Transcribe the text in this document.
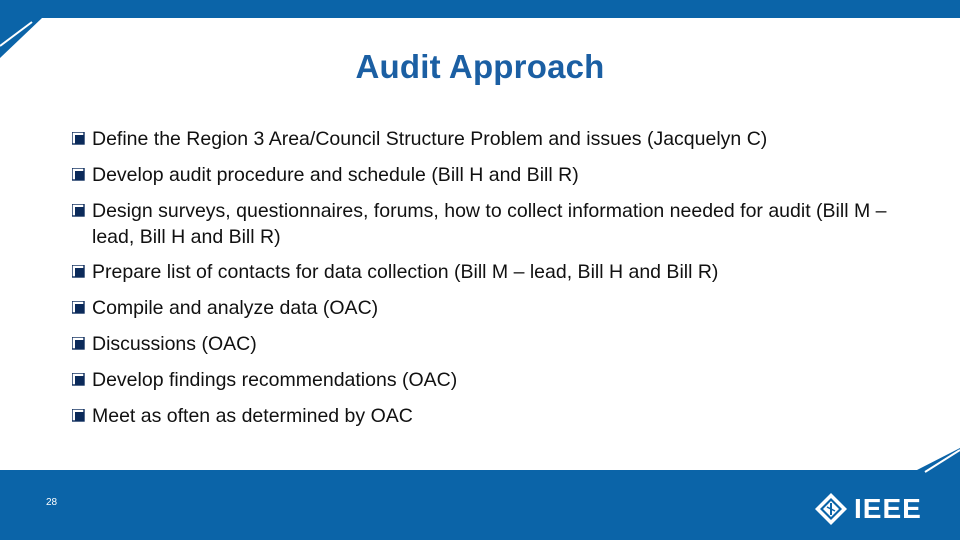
Audit Approach
Define the Region 3 Area/Council Structure Problem and issues (Jacquelyn C)
Develop audit procedure and schedule (Bill H and Bill R)
Design surveys, questionnaires, forums, how to collect information needed for audit (Bill M – lead, Bill H and Bill R)
Prepare list of contacts for data collection (Bill M – lead, Bill H and Bill R)
Compile and analyze data (OAC)
Discussions (OAC)
Develop findings recommendations (OAC)
Meet as often as determined by OAC
28	IEEE
